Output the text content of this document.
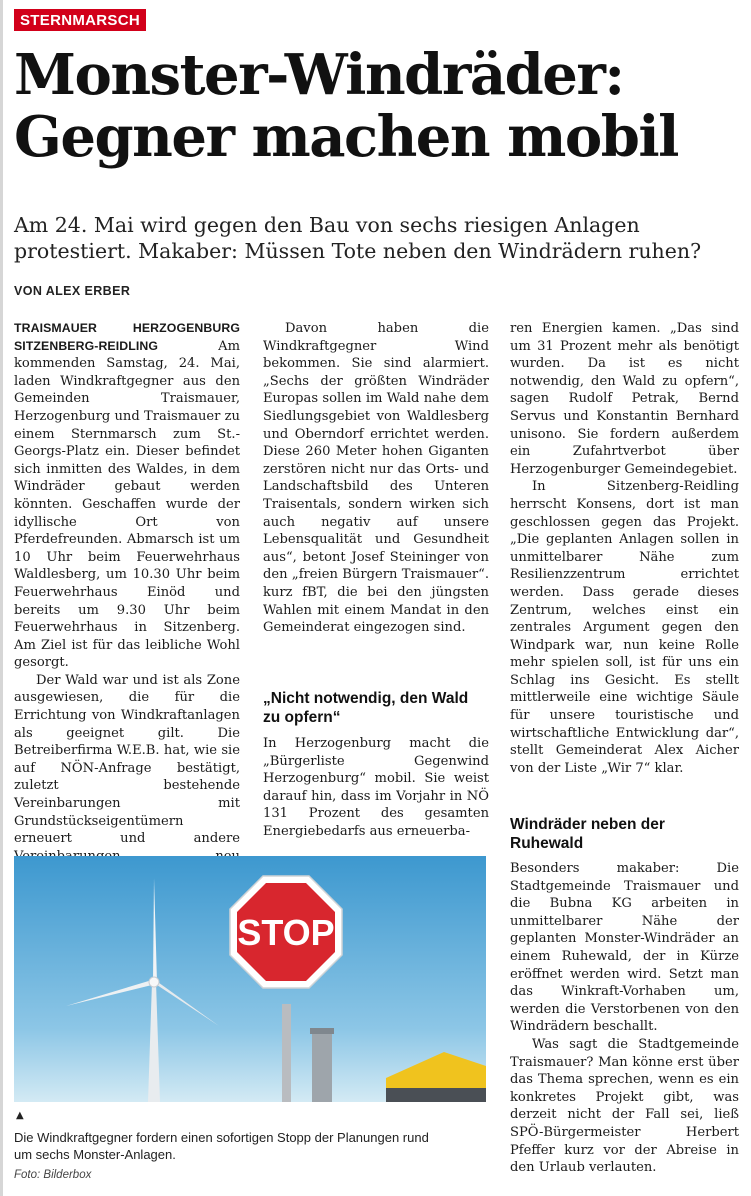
STERNMARSCH
Monster-Windräder:
Gegner machen mobil
Am 24. Mai wird gegen den Bau von sechs riesigen Anlagen
protestiert. Makaber: Müssen Tote neben den Windrädern ruhen?
VON ALEX ERBER

TRAISMAUER HERZOGENBURG SITZENBERG-REIDLING Am kommenden Samstag, 24. Mai, laden Windkraftgegner aus den Gemeinden Traismauer, Herzogenburg und Traismauer zu einem Sternmarsch zum St.-Georgs-Platz ein. Dieser befindet sich inmitten des Waldes, in dem Windräder gebaut werden könnten. Geschaffen wurde der idyllische Ort von Pferdefreunden. Abmarsch ist um 10 Uhr beim Feuerwehrhaus Waldlesberg, um 10.30 Uhr beim Feuerwehrhaus Einöd und bereits um 9.30 Uhr beim Feuerwehrhaus in Sitzenberg. Am Ziel ist für das leibliche Wohl gesorgt.

Der Wald war und ist als Zone ausgewiesen, die für die Errichtung von Windkraftanlagen als geeignet gilt. Die Betreiberfirma W.E.B. hat, wie sie auf NÖN-Anfrage bestätigt, zuletzt bestehende Vereinbarungen mit Grundstückseigentümern erneuert und andere

Davon haben die Windkraftgegner Wind bekommen. Sie sind alarmiert. „Sechs der größten Windräder Europas sollen im Wald nahe dem Siedlungsgebiet von Waldlesberg und Oberndorf errichtet werden. Diese 260 Meter hohen Giganten zerstören nicht nur das Orts- und Landschaftsbild des Unteren Traisentals, sondern wirken sich auch negativ auf unsere Lebensqualität und Gesundheit aus“, betont Josef Steininger von den „freien Bürgern Traismauer“. kurz fBT, die bei den jüngsten Wahlen mit einem Mandat in den Gemeinderat eingezogen sind.

„Nicht notwendig, den Wald zu opfern“

In Herzogenburg macht die „Bürgerliste Gegenwind Herzogenburg“ mobil. Sie weist darauf hin, dass im Vorjahr in NÖ 131 Prozent des gesamten Energiebedarfs aus erneuerba-

ren Energien kamen. „Das sind um 31 Prozent mehr als benötigt wurden. Da ist es nicht notwendig, den Wald zu opfern“, sagen Rudolf Petrak, Bernd Servus und Konstantin Bernhard unisono. Sie fordern außerdem ein Zufahrtverbot über Herzogenburger Gemeindegebiet.

In Sitzenberg-Reidling herrscht Konsens, dort ist man geschlossen gegen das Projekt. „Die geplanten Anlagen sollen in unmittelbarer Nähe zum Resilienzzentrum errichtet werden. Dass gerade dieses Zentrum, welches einst ein zentrales Argument gegen den Windpark war, nun keine Rolle mehr spielen soll, ist für uns ein Schlag ins Gesicht. Es stellt mittlerweile eine wichtige Säule für unsere touristische und wirtschaftliche Entwicklung dar“, stellt Gemeinderat Alex Aicher von der Liste „Wir 7“ klar.

Windräder neben der Ruhewald

Besonders makaber: Die Stadtgemeinde Traismauer und die Bubna KG arbeiten in unmittelbarer Nähe der geplanten Monster-Windräder an einem Ruhewald, der in Kürze eröffnet werden wird. Setzt man das Winkraft-Vorhaben um, werden die Verstorbenen von den Windrädern beschallt.

Was sagt die Stadtgemeinde Traismauer? Man könne erst über das Thema sprechen, wenn es ein konkretes Projekt gibt, was derzeit nicht der Fall sei, ließ SPÖ-Bürgermeister Herbert Pfeffer kurz vor der Abreise in den Urlaub verlauten.

STOP
▲
Die Windkraftgegner fordern einen sofortigen Stopp der Planungen rund
um sechs Monster-Anlagen.
Foto: Bilderbox
